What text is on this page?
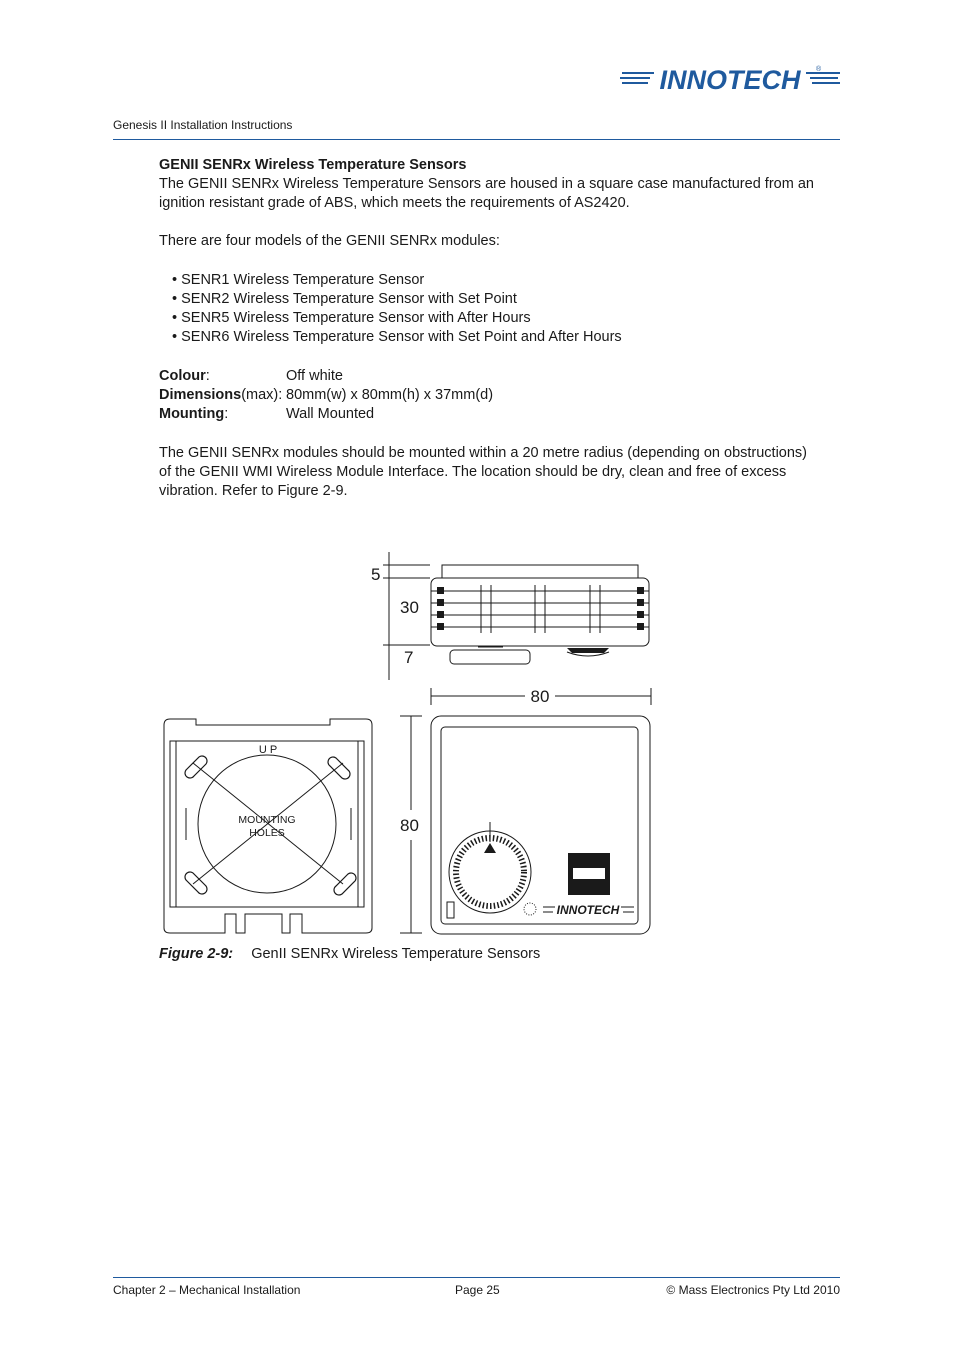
INNOTECH ®
Genesis II Installation Instructions
GENII SENRx Wireless Temperature Sensors
The GENII SENRx Wireless Temperature Sensors are housed in a square case manufactured from an
ignition resistant grade of ABS, which meets the requirements of AS2420.
There are four models of the GENII SENRx modules:
• SENR1 Wireless Temperature Sensor
• SENR2 Wireless Temperature Sensor with Set Point
• SENR5 Wireless Temperature Sensor with After Hours
• SENR6 Wireless Temperature Sensor with Set Point and After Hours
Colour:	Off white
Dimensions(max): 80mm(w) x 80mm(h) x 37mm(d)
Mounting:	Wall Mounted
The GENII SENRx modules should be mounted within a 20 metre radius (depending on obstructions)
of the GENII WMI Wireless Module Interface. The location should be dry, clean and free of excess
vibration. Refer to Figure 2-9.
5
30
7
80
80
U P
MOUNTING
HOLES
INNOTECH
Figure 2-9: GenII SENRx Wireless Temperature Sensors
Chapter 2 – Mechanical Installation	Page 25	© Mass Electronics Pty Ltd 2010
